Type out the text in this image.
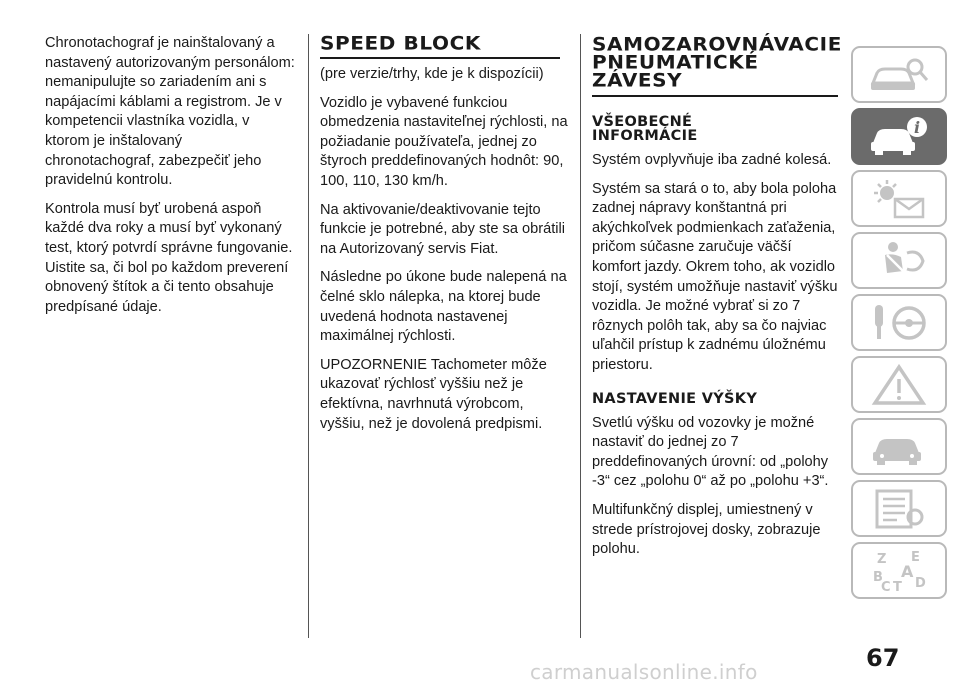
Chronotachograf je nainštalovaný a nastavený autorizovaným personálom: nemanipulujte so zariadením ani s napájacími káblami a registrom. Je v kompetencii vlastníka vozidla, v ktorom je inštalovaný chronotachograf, zabezpečiť jeho pravidelnú kontrolu.

Kontrola musí byť urobená aspoň každé dva roky a musí byť vykonaný test, ktorý potvrdí správne fungovanie. Uistite sa, či bol po každom preverení obnovený štítok a či tento obsahuje predpísané údaje.

SPEED BLOCK

(pre verzie/trhy, kde je k dispozícii)

Vozidlo je vybavené funkciou obmedzenia nastaviteľnej rýchlosti, na požiadanie používateľa, jednej zo štyroch preddefinovaných hodnôt: 90, 100, 110, 130 km/h.

Na aktivovanie/deaktivovanie tejto funkcie je potrebné, aby ste sa obrátili na Autorizovaný servis Fiat.

Následne po úkone bude nalepená na čelné sklo nálepka, na ktorej bude uvedená hodnota nastavenej maximálnej rýchlosti.

UPOZORNENIE Tachometer môže ukazovať rýchlosť vyššiu než je efektívna, navrhnutá výrobcom, vyššiu, než je dovolená predpismi.

SAMOZAROVNÁVACIE
PNEUMATICKÉ
ZÁVESY
VŠEOBECNÉ
INFORMÁCIE

Systém ovplyvňuje iba zadné kolesá.

Systém sa stará o to, aby bola poloha zadnej nápravy konštantná pri akýchkoľvek podmienkach zaťaženia, pričom súčasne zaručuje väčší komfort jazdy. Okrem toho, ak vozidlo stojí, systém umožňuje nastaviť výšku vozidla. Je možné vybrať si zo 7 rôznych polôh tak, aby sa čo najviac uľahčil prístup k zadnému úložnému priestoru.

NASTAVENIE VÝŠKY

Svetlú výšku od vozovky je možné nastaviť do jednej zo 7 preddefinovaných úrovní: od „polohy -3“ cez „polohu 0“ až po „polohu +3“.

Multifunkčný displej, umiestnený v strede prístrojovej dosky, zobrazuje polohu.

i
Z E
A
B
C T D
67
carmanualsonline.info
